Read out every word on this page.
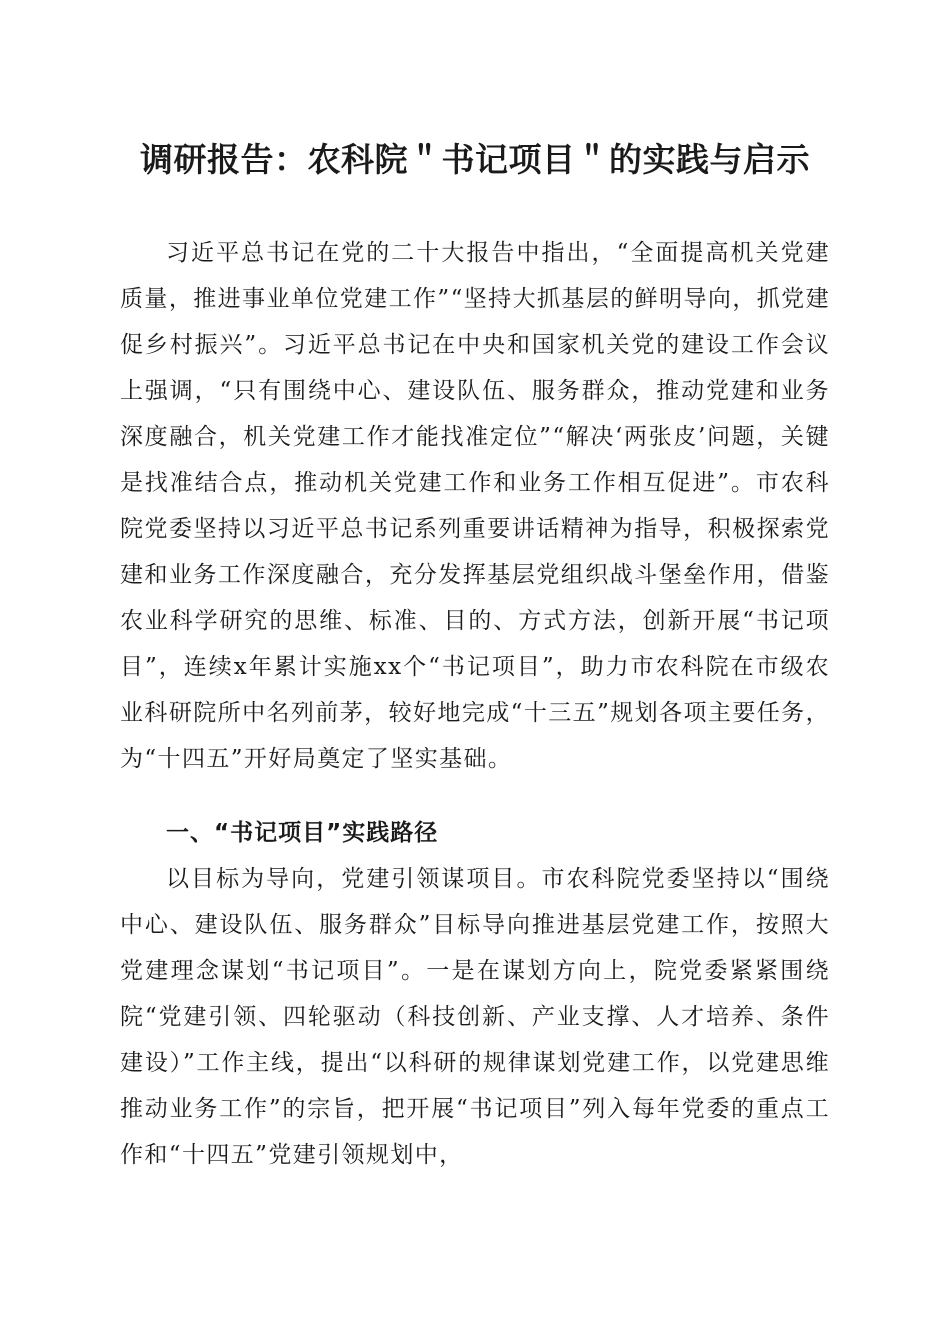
调研报告：农科院＂书记项目＂的实践与启示

习近平总书记在党的二十大报告中指出，“全面提高机关党建质量，推进事业单位党建工作”“坚持大抓基层的鲜明导向，抓党建促乡村振兴”。习近平总书记在中央和国家机关党的建设工作会议上强调，“只有围绕中心、建设队伍、服务群众，推动党建和业务深度融合，机关党建工作才能找准定位”“解决‘两张皮’问题，关键是找准结合点，推动机关党建工作和业务工作相互促进”。市农科院党委坚持以习近平总书记系列重要讲话精神为指导，积极探索党建和业务工作深度融合，充分发挥基层党组织战斗堡垒作用，借鉴农业科学研究的思维、标准、目的、方式方法，创新开展“书记项目”，连续x年累计实施xx个“书记项目”，助力市农科院在市级农业科研院所中名列前茅，较好地完成“十三五”规划各项主要任务，为“十四五”开好局奠定了坚实基础。

一、“书记项目”实践路径

以目标为导向，党建引领谋项目。市农科院党委坚持以“围绕中心、建设队伍、服务群众”目标导向推进基层党建工作，按照大党建理念谋划“书记项目”。一是在谋划方向上，院党委紧紧围绕院“党建引领、四轮驱动（科技创新、产业支撑、人才培养、条件建设）”工作主线，提出“以科研的规律谋划党建工作，以党建思维推动业务工作”的宗旨，把开展“书记项目”列入每年党委的重点工作和“十四五”党建引领规划中，
